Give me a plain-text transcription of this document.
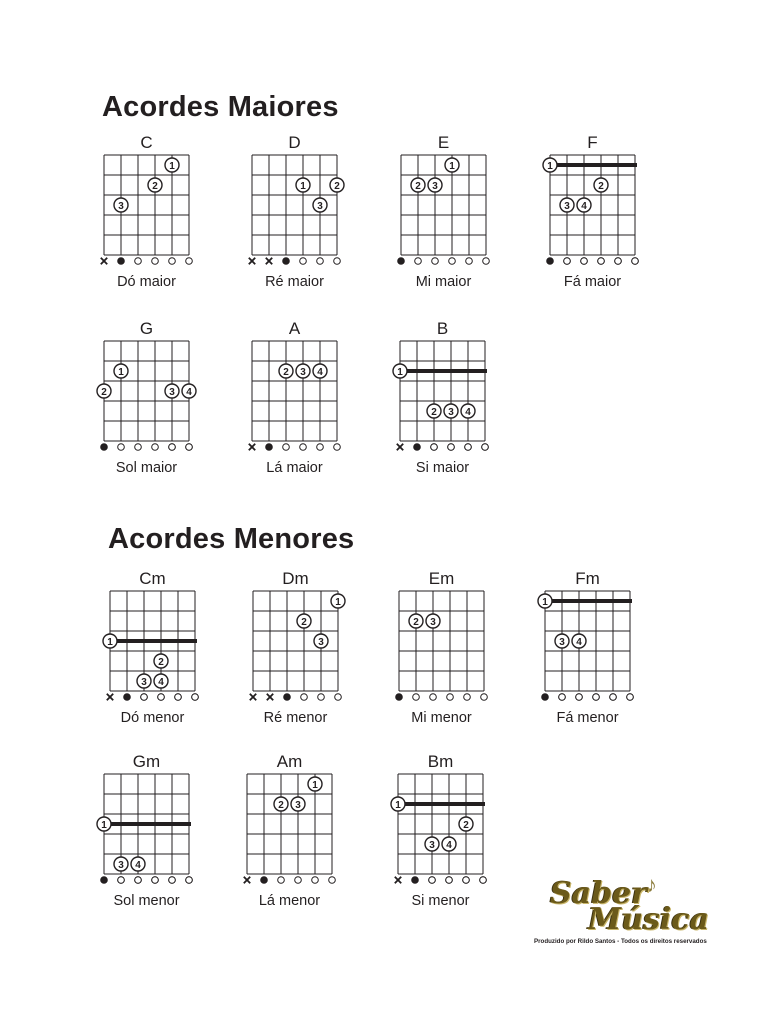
Acordes Maiores
Acordes Menores
C
1
2
3
Dó maior
D
1	2
3
Ré maior
E
1
2 3
Mi maior
F
1
2
3 4
Fá maior
G
1
2	3 4
Sol maior
A
2 3 4
Lá maior
B
1
2 3 4
Si maior
Cm
1
2
3 4
Dó menor
Dm
1
2
3
Ré menor
Em
2 3
Mi menor
Fm
1
3 4
Fá menor
Gm
1
3 4
Sol menor
Am
1
2 3
Lá menor
Bm
1
2
3 4
Si menor
♪
Saber
Música
Produzido por Rildo Santos - Todos os direitos reservados
